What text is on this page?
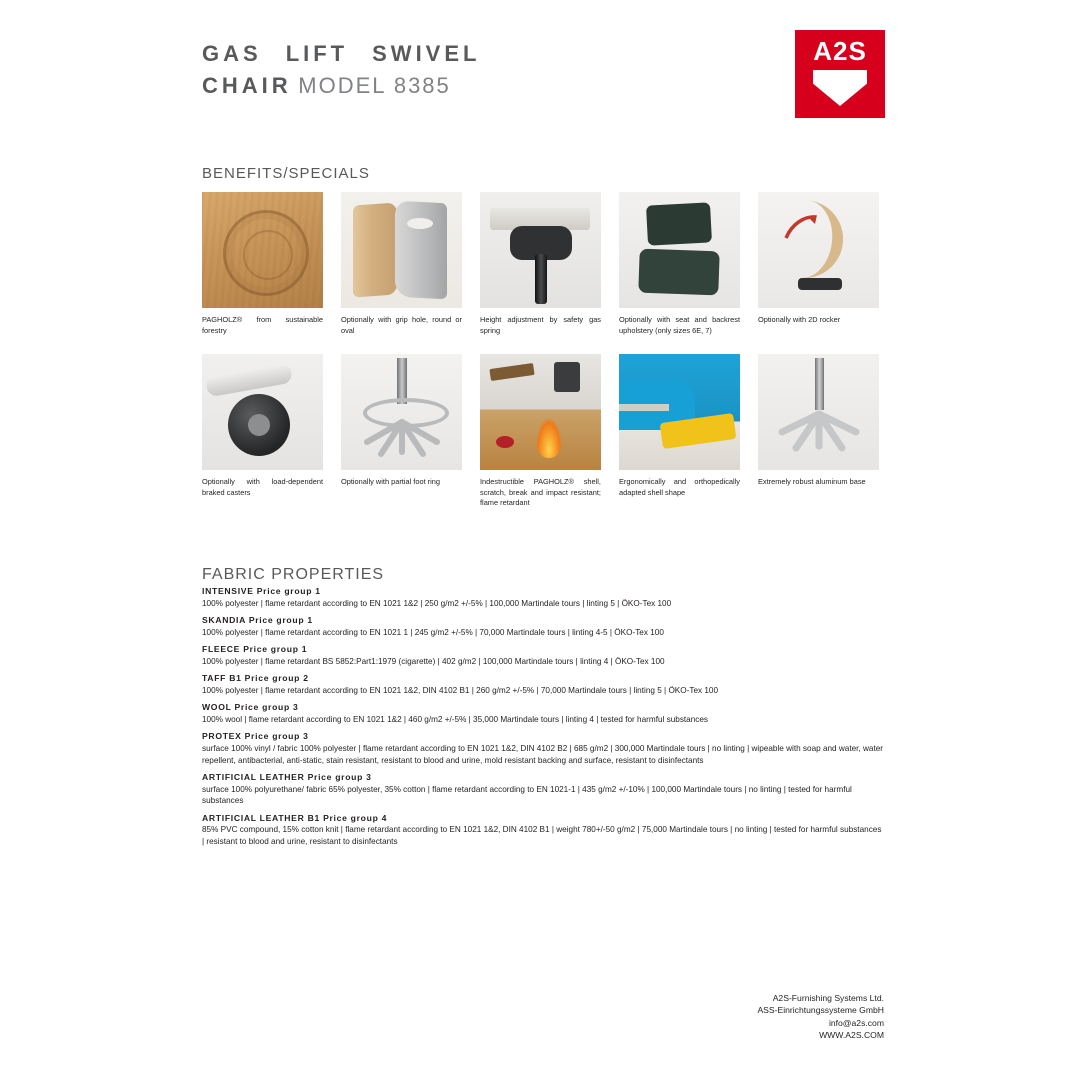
GAS LIFT SWIVEL
CHAIR MODEL 8385
A2S
BENEFITS/SPECIALS
PAGHOLZ® from sustainable forestry
Optionally with grip hole, round or oval
Height adjustment by safety gas spring
Optionally with seat and backrest upholstery (only sizes 6E, 7)
Optionally with 2D rocker
Optionally with load-dependent braked casters
Optionally with partial foot ring	Indestructible PAGHOLZ® shell, scratch, break and impact resistant; flame retardant
Ergonomically and orthopedically adapted shell shape
Extremely robust aluminum base
FABRIC PROPERTIES
INTENSIVE Price group 1
100% polyester | flame retardant according to EN 1021 1&2 | 250 g/m2 +/-5% | 100,000 Martindale tours | linting 5 | ÖKO-Tex 100
SKANDIA Price group 1
100% polyester | flame retardant according to EN 1021 1 | 245 g/m2 +/-5% | 70,000 Martindale tours | linting 4-5 | ÖKO-Tex 100
FLEECE Price group 1
100% polyester | flame retardant BS 5852:Part1:1979 (cigarette) | 402 g/m2 | 100,000 Martindale tours | linting 4 | ÖKO-Tex 100
TAFF B1 Price group 2
100% polyester | flame retardant according to EN 1021 1&2, DIN 4102 B1 | 260 g/m2 +/-5% | 70,000 Martindale tours | linting 5 | ÖKO-Tex 100
WOOL Price group 3
100% wool | flame retardant according to EN 1021 1&2 | 460 g/m2 +/-5% | 35,000 Martindale tours | linting 4 | tested for harmful substances
PROTEX Price group 3
surface 100% vinyl / fabric 100% polyester | flame retardant according to EN 1021 1&2, DIN 4102 B2 | 685 g/m2 | 300,000 Martindale tours | no linting | wipeable with soap and water, water repellent, antibacterial, anti-static, stain resistant, resistant to blood and urine, mold resistant backing and surface, resistant to disinfectants
ARTIFICIAL LEATHER Price group 3
surface 100% polyurethane/ fabric 65% polyester, 35% cotton | flame retardant according to EN 1021-1 | 435 g/m2 +/-10% | 100,000 Martindale tours | no linting | tested for harmful substances
ARTIFICIAL LEATHER B1 Price group 4
85% PVC compound, 15% cotton knit | flame retardant according to EN 1021 1&2, DIN 4102 B1 | weight 780+/-50 g/m2 | 75,000 Martindale tours | no linting | tested for harmful substances | resistant to blood and urine, resistant to disinfectants
A2S-Furnishing Systems Ltd.
ASS-Einrichtungssysteme GmbH
info@a2s.com
WWW.A2S.COM
